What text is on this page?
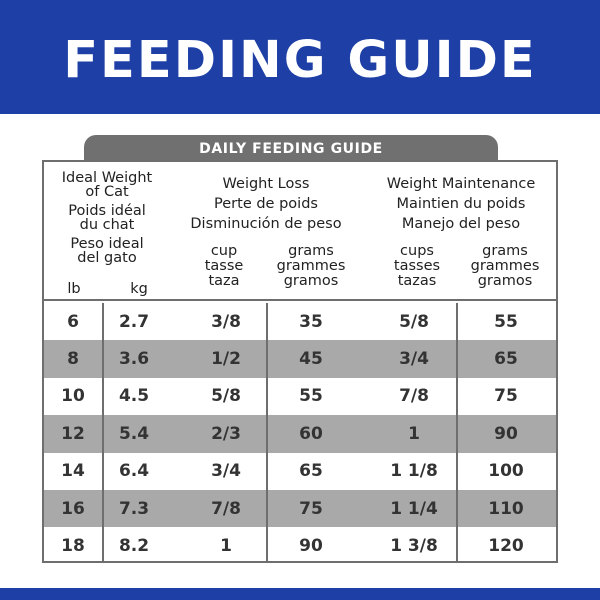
FEEDING GUIDE
DAILY FEEDING GUIDE
Ideal Weight
of Cat
Poids idéal
du chat
Peso ideal
del gato
Weight Loss
Perte de poids
Disminución de peso
Weight Maintenance
Maintien du poids
Manejo del peso
lb	kg
cup
tasse
taza
grams
grammes
gramos
cups
tasses
tazas
grams
grammes
gramos
6	2.7	3/8	35	5/8	55
8	3.6	1/2	45	3/4	65
10	4.5	5/8	55	7/8	75
12	5.4	2/3	60	1	90
14	6.4	3/4	65	1 1/8	100
16	7.3	7/8	75	1 1/4	110
18	8.2	1	90	1 3/8	120
